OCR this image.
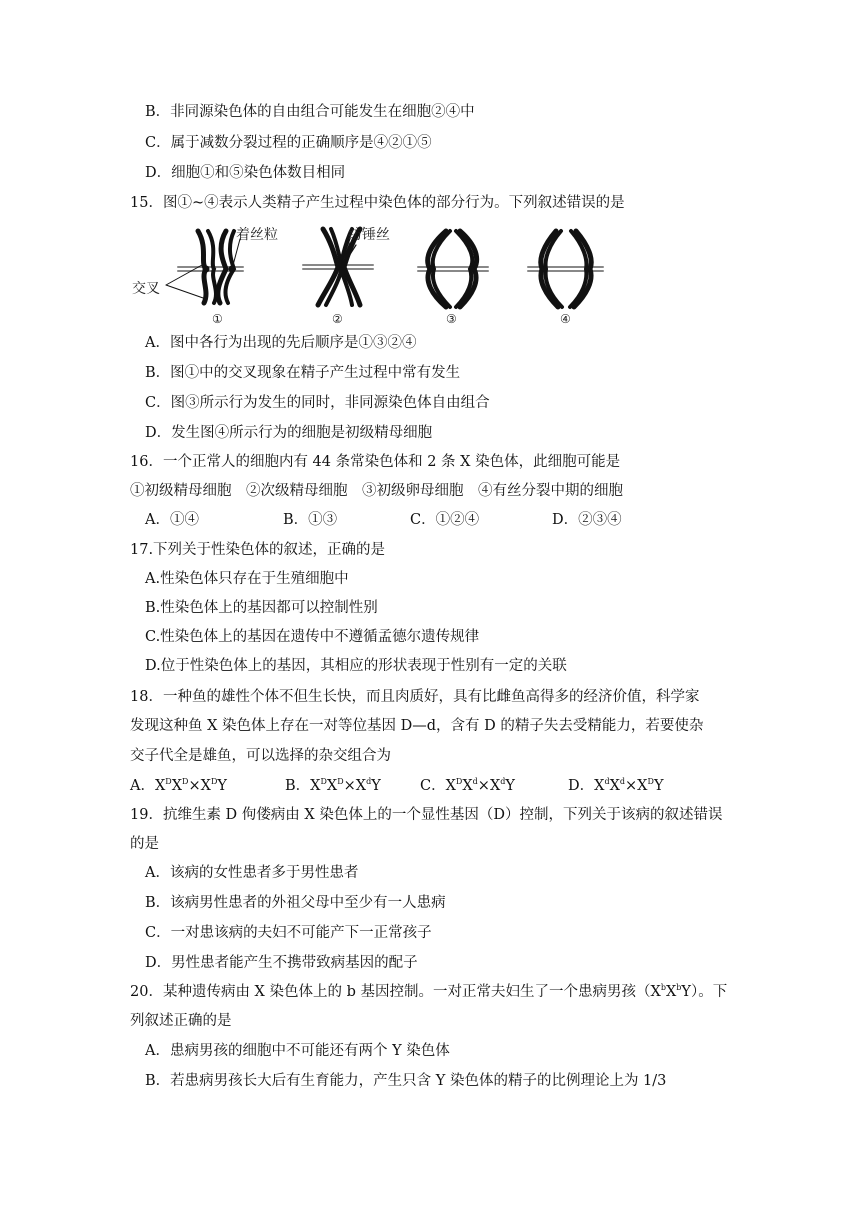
B．非同源染色体的自由组合可能发生在细胞②④中
C．属于减数分裂过程的正确顺序是④②①⑤
D．细胞①和⑤染色体数目相同
15．图①~④表示人类精子产生过程中染色体的部分行为。下列叙述错误的是
着丝粒	纺锤丝
交叉
①	②	③	④
A．图中各行为出现的先后顺序是①③②④
B．图①中的交叉现象在精子产生过程中常有发生
C．图③所示行为发生的同时，非同源染色体自由组合
D．发生图④所示行为的细胞是初级精母细胞
16．一个正常人的细胞内有 44 条常染色体和 2 条 X 染色体，此细胞可能是
①初级精母细胞　②次级精母细胞　③初级卵母细胞　④有丝分裂中期的细胞
A．①④	B．①③	C．①②④	D．②③④
17.下列关于性染色体的叙述，正确的是
A.性染色体只存在于生殖细胞中
B.性染色体上的基因都可以控制性别
C.性染色体上的基因在遗传中不遵循孟德尔遗传规律
D.位于性染色体上的基因，其相应的形状表现于性别有一定的关联
18．一种鱼的雄性个体不但生长快，而且肉质好，具有比雌鱼高得多的经济价值，科学家
发现这种鱼 X 染色体上存在一对等位基因 D—d，含有 D 的精子失去受精能力，若要使杂
交子代全是雄鱼，可以选择的杂交组合为
A．$X^DX^D\times X^DY$	B．$X^DX^D\times X^dY$	C．$X^DX^d\times X^dY$	D．$X^dX^d\times X^DY$
19．抗维生素 D 佝偻病由 X 染色体上的一个显性基因（D）控制，下列关于该病的叙述错误
的是
A．该病的女性患者多于男性患者
B．该病男性患者的外祖父母中至少有一人患病
C．一对患该病的夫妇不可能产下一正常孩子
D．男性患者能产生不携带致病基因的配子
20．某种遗传病由 X 染色体上的 b 基因控制。一对正常夫妇生了一个患病男孩$(X^bX^bY)$。下
列叙述正确的是
A．患病男孩的细胞中不可能还有两个 Y 染色体
B．若患病男孩长大后有生育能力，产生只含 Y 染色体的精子的比例理论上为 1/3
